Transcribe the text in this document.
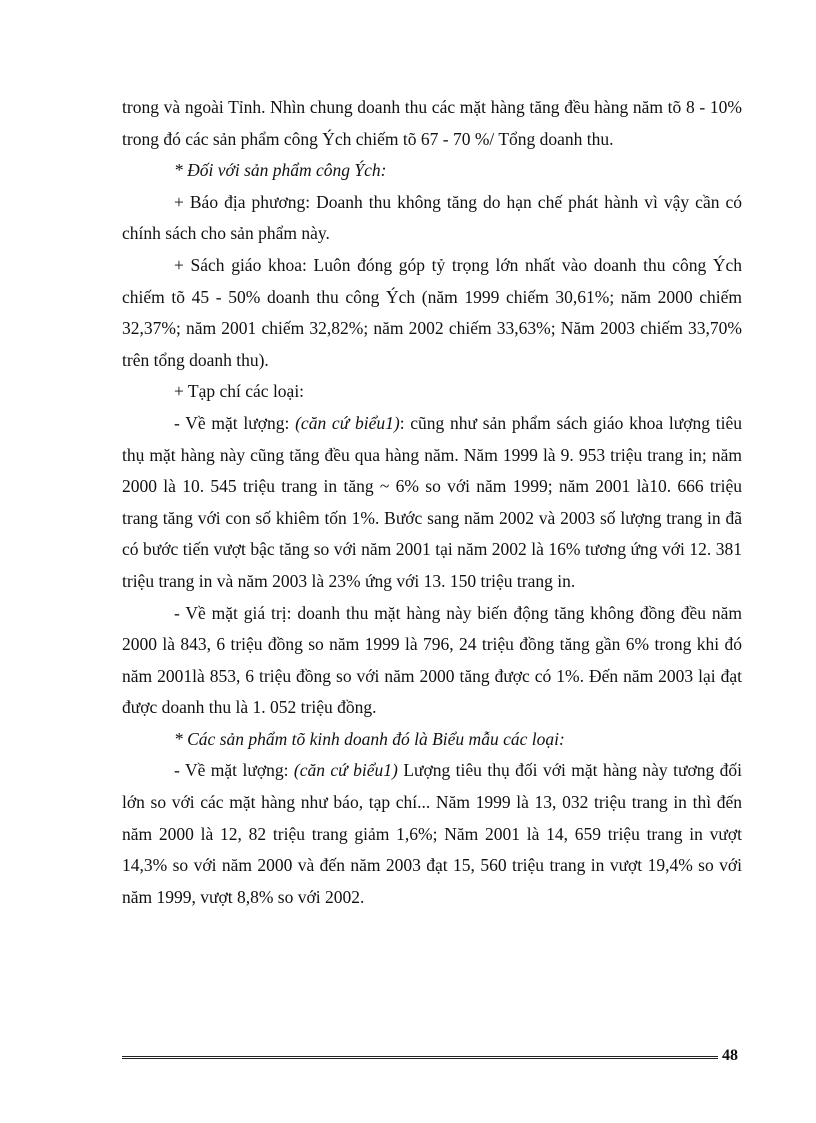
trong và ngoài Tỉnh. Nhìn chung doanh thu các mặt hàng tăng đều hàng năm tõ 8 - 10% trong đó các sản phẩm công Ých chiếm tõ 67 - 70 %/ Tổng doanh thu.

* Đối với sản phẩm công Ých:

+ Báo địa phương: Doanh thu không tăng do hạn chế phát hành vì vậy cần có chính sách cho sản phẩm này.

+ Sách giáo khoa: Luôn đóng góp tỷ trọng lớn nhất vào doanh thu công Ých chiếm tõ 45 - 50% doanh thu công Ých (năm 1999 chiếm 30,61%; năm 2000 chiếm 32,37%; năm 2001 chiếm 32,82%; năm 2002 chiếm 33,63%; Năm 2003 chiếm 33,70% trên tổng doanh thu).

+ Tạp chí các loại:

- Về mặt lượng: (căn cứ biểu1): cũng như sản phẩm sách giáo khoa lượng tiêu thụ mặt hàng này cũng tăng đều qua hàng năm. Năm 1999 là 9. 953 triệu trang in; năm 2000 là 10. 545 triệu trang in tăng ~ 6% so với năm 1999; năm 2001 là10. 666 triệu trang tăng với con số khiêm tốn 1%. Bước sang năm 2002 và 2003 số lượng trang in đã có bước tiến vượt bậc tăng so với năm 2001 tại năm 2002 là 16% tương ứng với 12. 381 triệu trang in và năm 2003 là 23% ứng với 13. 150 triệu trang in.

- Về mặt giá trị: doanh thu mặt hàng này biến động tăng không đồng đều năm 2000 là 843, 6 triệu đồng so năm 1999 là 796, 24 triệu đồng tăng gần 6% trong khi đó năm 2001là 853, 6 triệu đồng so với năm 2000 tăng được có 1%. Đến năm 2003 lại đạt được doanh thu là 1. 052 triệu đồng.

* Các sản phẩm tõ kinh doanh đó là Biểu mẫu các loại:

- Về mặt lượng: (căn cứ biểu1) Lượng tiêu thụ đối với mặt hàng này tương đối lớn so với các mặt hàng như báo, tạp chí... Năm 1999 là 13, 032 triệu trang in thì đến năm 2000 là 12, 82 triệu trang giảm 1,6%; Năm 2001 là 14, 659 triệu trang in vượt 14,3% so với năm 2000 và đến năm 2003 đạt 15, 560 triệu trang in vượt 19,4% so với năm 1999, vượt 8,8% so với 2002.

48
